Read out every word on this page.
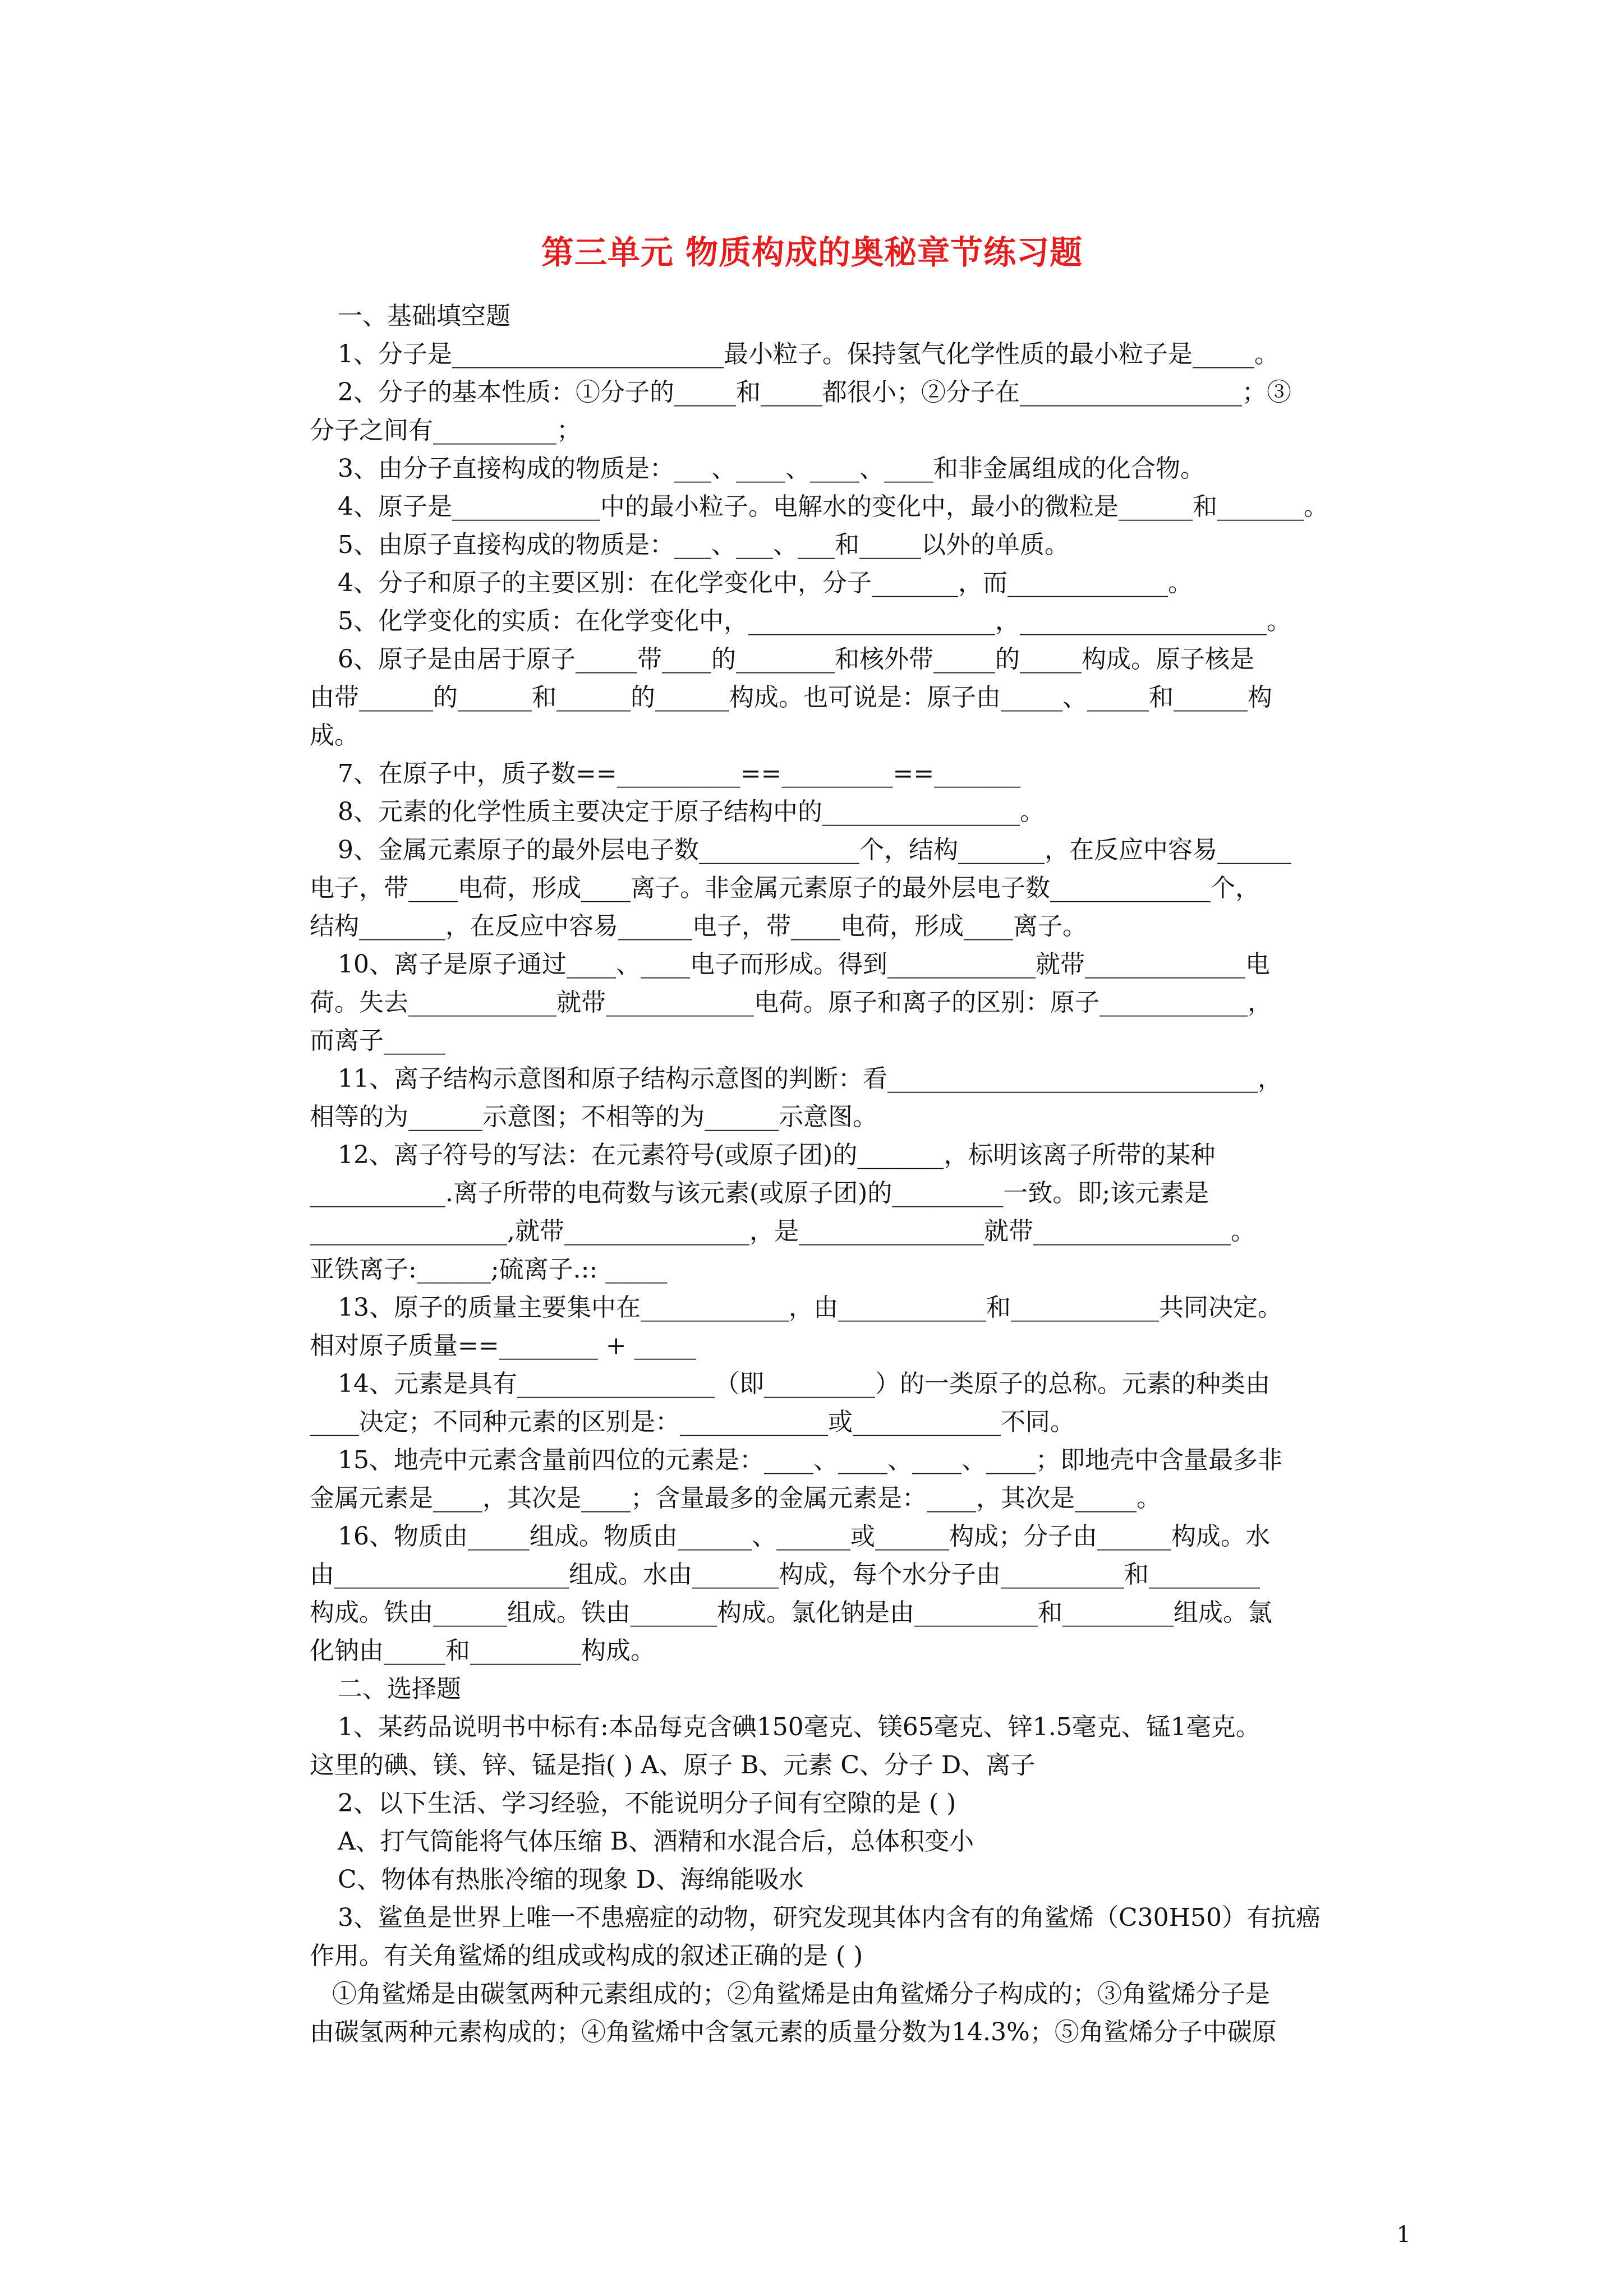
第三单元 物质构成的奥秘章节练习题
一、基础填空题
1、分子是______________________最小粒子。保持氢气化学性质的最小粒子是_____。
2、分子的基本性质：①分子的_____和_____都很小；②分子在__________________；③
分子之间有__________；
3、由分子直接构成的物质是：___、____、____、____和非金属组成的化合物。
4、原子是____________中的最小粒子。电解水的变化中，最小的微粒是______和_______。
5、由原子直接构成的物质是：___、___、___和_____以外的单质。
4、分子和原子的主要区别：在化学变化中，分子_______，而_____________。
5、化学变化的实质：在化学变化中，____________________，____________________。
6、原子是由居于原子_____带____的________和核外带_____的_____构成。原子核是
由带______的______和______的______构成。也可说是：原子由_____、_____和______构
成。
7、在原子中，质子数==__________==_________==_______
8、元素的化学性质主要决定于原子结构中的________________。
9、金属元素原子的最外层电子数_____________个，结构_______，在反应中容易______
电子，带____电荷，形成____离子。非金属元素原子的最外层电子数_____________个，
结构_______，在反应中容易______电子，带____电荷，形成____离子。
10、离子是原子通过____、____电子而形成。得到____________就带_____________电
荷。失去____________就带____________电荷。原子和离子的区别：原子____________，
而离子_____
11、离子结构示意图和原子结构示意图的判断：看______________________________，
相等的为______示意图；不相等的为______示意图。
12、离子符号的写法：在元素符号(或原子团)的_______，标明该离子所带的某种
___________.离子所带的电荷数与该元素(或原子团)的_________一致。即;该元素是
________________,就带_______________，是_______________就带________________。
亚铁离子:______;硫离子.:: _____
13、原子的质量主要集中在____________，由____________和____________共同决定。
相对原子质量==________ + _____
14、元素是具有________________（即_________）的一类原子的总称。元素的种类由
____决定；不同种元素的区别是：____________或____________不同。
15、地壳中元素含量前四位的元素是：____、____、____、____；即地壳中含量最多非
金属元素是____，其次是____；含量最多的金属元素是：____，其次是_____。
16、物质由_____组成。物质由______、______或______构成；分子由______构成。水
由___________________组成。水由_______构成，每个水分子由__________和_________
构成。铁由______组成。铁由_______构成。氯化钠是由__________和_________组成。氯
化钠由_____和_________构成。
二、选择题
1、某药品说明书中标有:本品每克含碘150毫克、镁65毫克、锌1.5毫克、锰1毫克。
这里的碘、镁、锌、锰是指( ) A、原子 B、元素 C、分子 D、离子
2、以下生活、学习经验，不能说明分子间有空隙的是 ( )
A、打气筒能将气体压缩 B、酒精和水混合后，总体积变小
C、物体有热胀冷缩的现象 D、海绵能吸水
3、鲨鱼是世界上唯一不患癌症的动物，研究发现其体内含有的角鲨烯（C30H50）有抗癌
作用。有关角鲨烯的组成或构成的叙述正确的是 ( )
①角鲨烯是由碳氢两种元素组成的；②角鲨烯是由角鲨烯分子构成的；③角鲨烯分子是
由碳氢两种元素构成的；④角鲨烯中含氢元素的质量分数为14.3%；⑤角鲨烯分子中碳原
1
